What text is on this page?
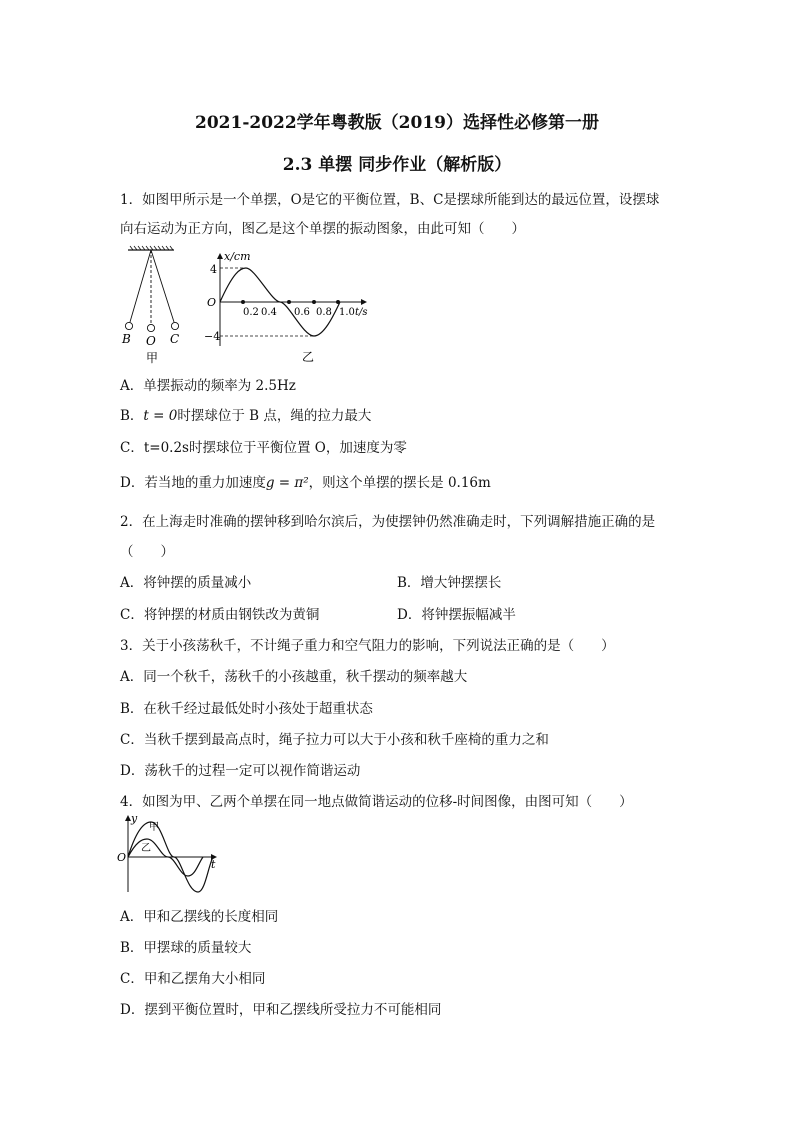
2021-2022学年粤教版（2019）选择性必修第一册
2.3 单摆 同步作业（解析版）
1．如图甲所示是一个单摆，O是它的平衡位置，B、C是摆球所能到达的最远位置，设摆球
向右运动为正方向，图乙是这个单摆的振动图象，由此可知（　　）
B O C
甲
x/cm
4
−4
O
0.2 0.4 0.6 0.8 1.0 t/s
乙
A．单摆振动的频率为 2.5Hz
B．t = 0时摆球位于 B 点，绳的拉力最大
C．t=0.2s时摆球位于平衡位置 O，加速度为零
D．若当地的重力加速度g = π²，则这个单摆的摆长是 0.16m
2．在上海走时准确的摆钟移到哈尔滨后，为使摆钟仍然准确走时，下列调解措施正确的是
（　　）
A．将钟摆的质量减小	B．增大钟摆摆长
C．将钟摆的材质由钢铁改为黄铜	D．将钟摆振幅减半
3．关于小孩荡秋千，不计绳子重力和空气阻力的影响，下列说法正确的是（　　）
A．同一个秋千，荡秋千的小孩越重，秋千摆动的频率越大
B．在秋千经过最低处时小孩处于超重状态
C．当秋千摆到最高点时，绳子拉力可以大于小孩和秋千座椅的重力之和
D．荡秋千的过程一定可以视作简谐运动
4．如图为甲、乙两个单摆在同一地点做简谐运动的位移-时间图像，由图可知（　　）
y
t
O
甲
乙
A．甲和乙摆线的长度相同
B．甲摆球的质量较大
C．甲和乙摆角大小相同
D．摆到平衡位置时，甲和乙摆线所受拉力不可能相同
